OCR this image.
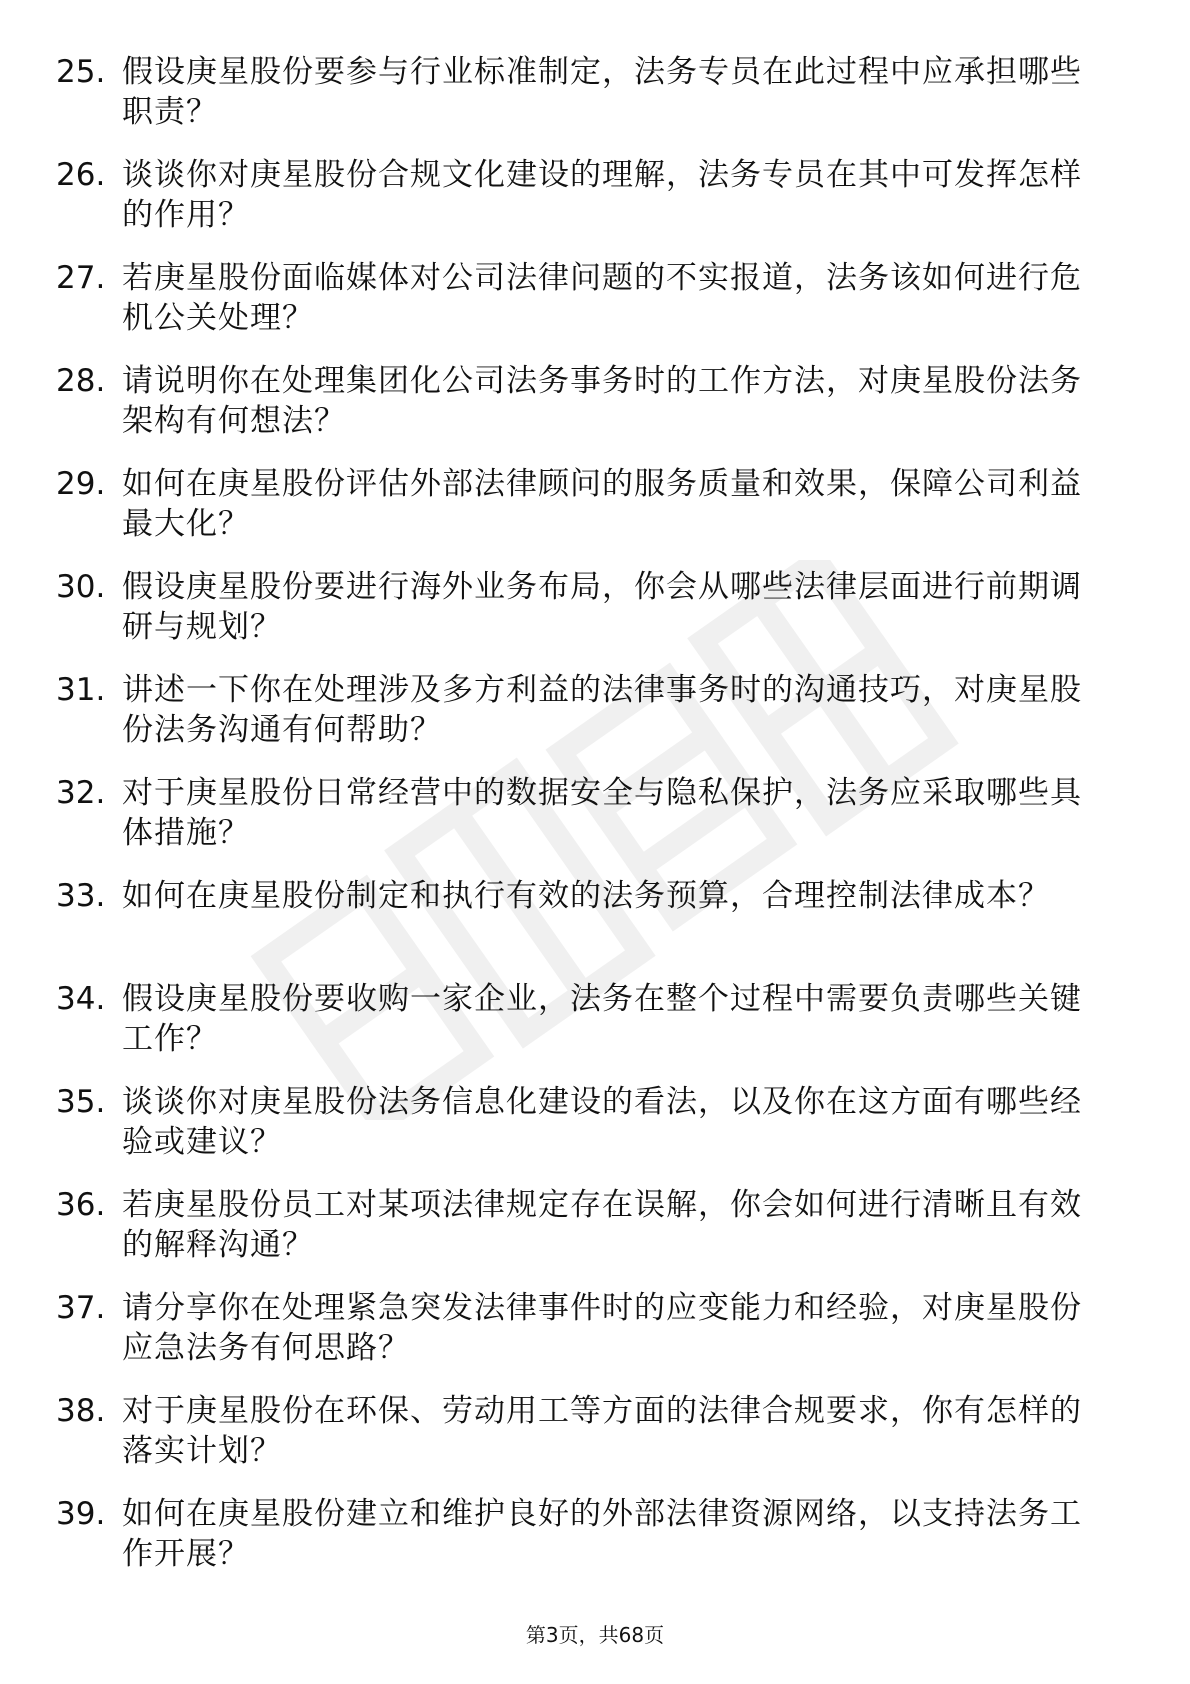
25. 假设庚星股份要参与行业标准制定，法务专员在此过程中应承担哪些职责？
26. 谈谈你对庚星股份合规文化建设的理解，法务专员在其中可发挥怎样的作用？
27. 若庚星股份面临媒体对公司法律问题的不实报道，法务该如何进行危机公关处理？
28. 请说明你在处理集团化公司法务事务时的工作方法，对庚星股份法务架构有何想法？
29. 如何在庚星股份评估外部法律顾问的服务质量和效果，保障公司利益最大化？
30. 假设庚星股份要进行海外业务布局，你会从哪些法律层面进行前期调研与规划？
31. 讲述一下你在处理涉及多方利益的法律事务时的沟通技巧，对庚星股份法务沟通有何帮助？
32. 对于庚星股份日常经营中的数据安全与隐私保护，法务应采取哪些具体措施？
33. 如何在庚星股份制定和执行有效的法务预算，合理控制法律成本？
34. 假设庚星股份要收购一家企业，法务在整个过程中需要负责哪些关键工作？
35. 谈谈你对庚星股份法务信息化建设的看法，以及你在这方面有哪些经验或建议？
36. 若庚星股份员工对某项法律规定存在误解，你会如何进行清晰且有效的解释沟通？
37. 请分享你在处理紧急突发法律事件时的应变能力和经验，对庚星股份应急法务有何思路？
38. 对于庚星股份在环保、劳动用工等方面的法律合规要求，你有怎样的落实计划？
39. 如何在庚星股份建立和维护良好的外部法律资源网络，以支持法务工作开展？
第3页，共68页
